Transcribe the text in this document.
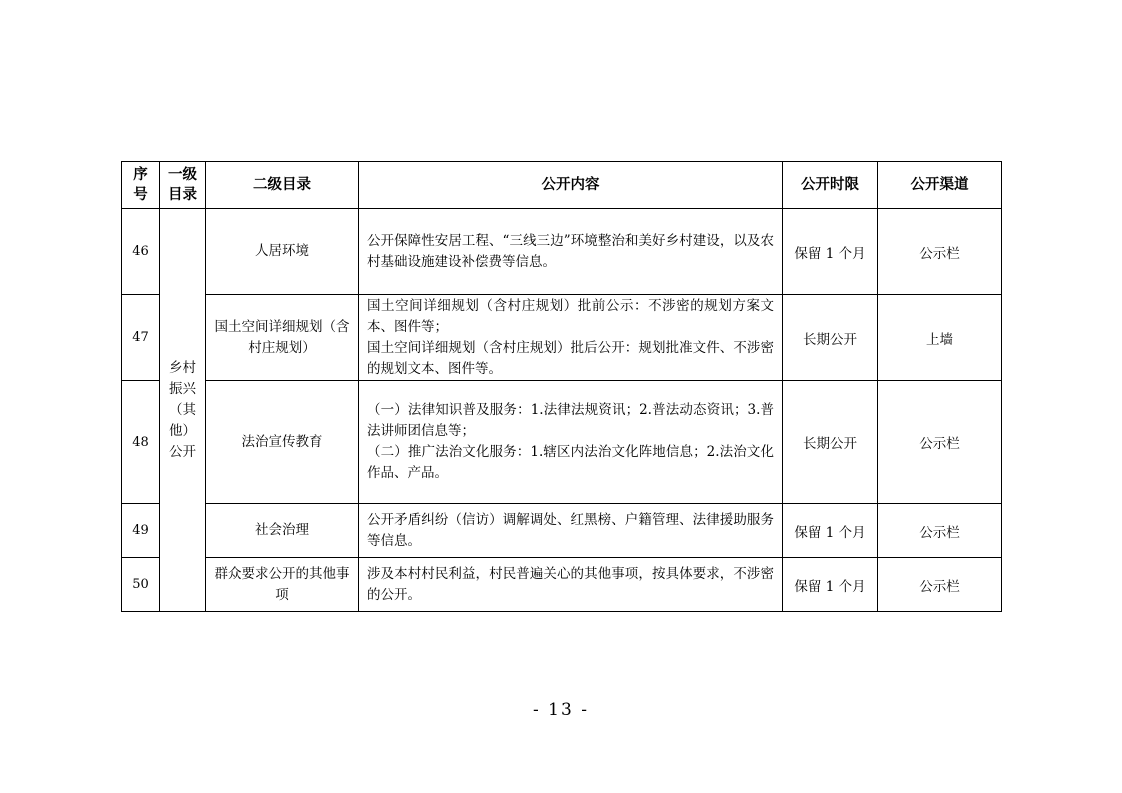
序号	一级目录	二级目录	公开内容	公开时限	公开渠道
46	乡村振兴（其他）公开	人居环境	公开保障性安居工程、“三线三边”环境整治和美好乡村建设，以及农村基础设施建设补偿费等信息。	保留 1 个月	公示栏
47		国土空间详细规划（含村庄规划）	国土空间详细规划（含村庄规划）批前公示：不涉密的规划方案文本、图件等；
国土空间详细规划（含村庄规划）批后公开：规划批准文件、不涉密的规划文本、图件等。	长期公开	上墙
48		法治宣传教育	（一）法律知识普及服务：1.法律法规资讯；2.普法动态资讯；3.普法讲师团信息等；
（二）推广法治文化服务：1.辖区内法治文化阵地信息；2.法治文化作品、产品。	长期公开	公示栏
49		社会治理	公开矛盾纠纷（信访）调解调处、红黑榜、户籍管理、法律援助服务等信息。	保留 1 个月	公示栏
50		群众要求公开的其他事项	涉及本村村民利益，村民普遍关心的其他事项，按具体要求，不涉密的公开。	保留 1 个月	公示栏
- 13 -
